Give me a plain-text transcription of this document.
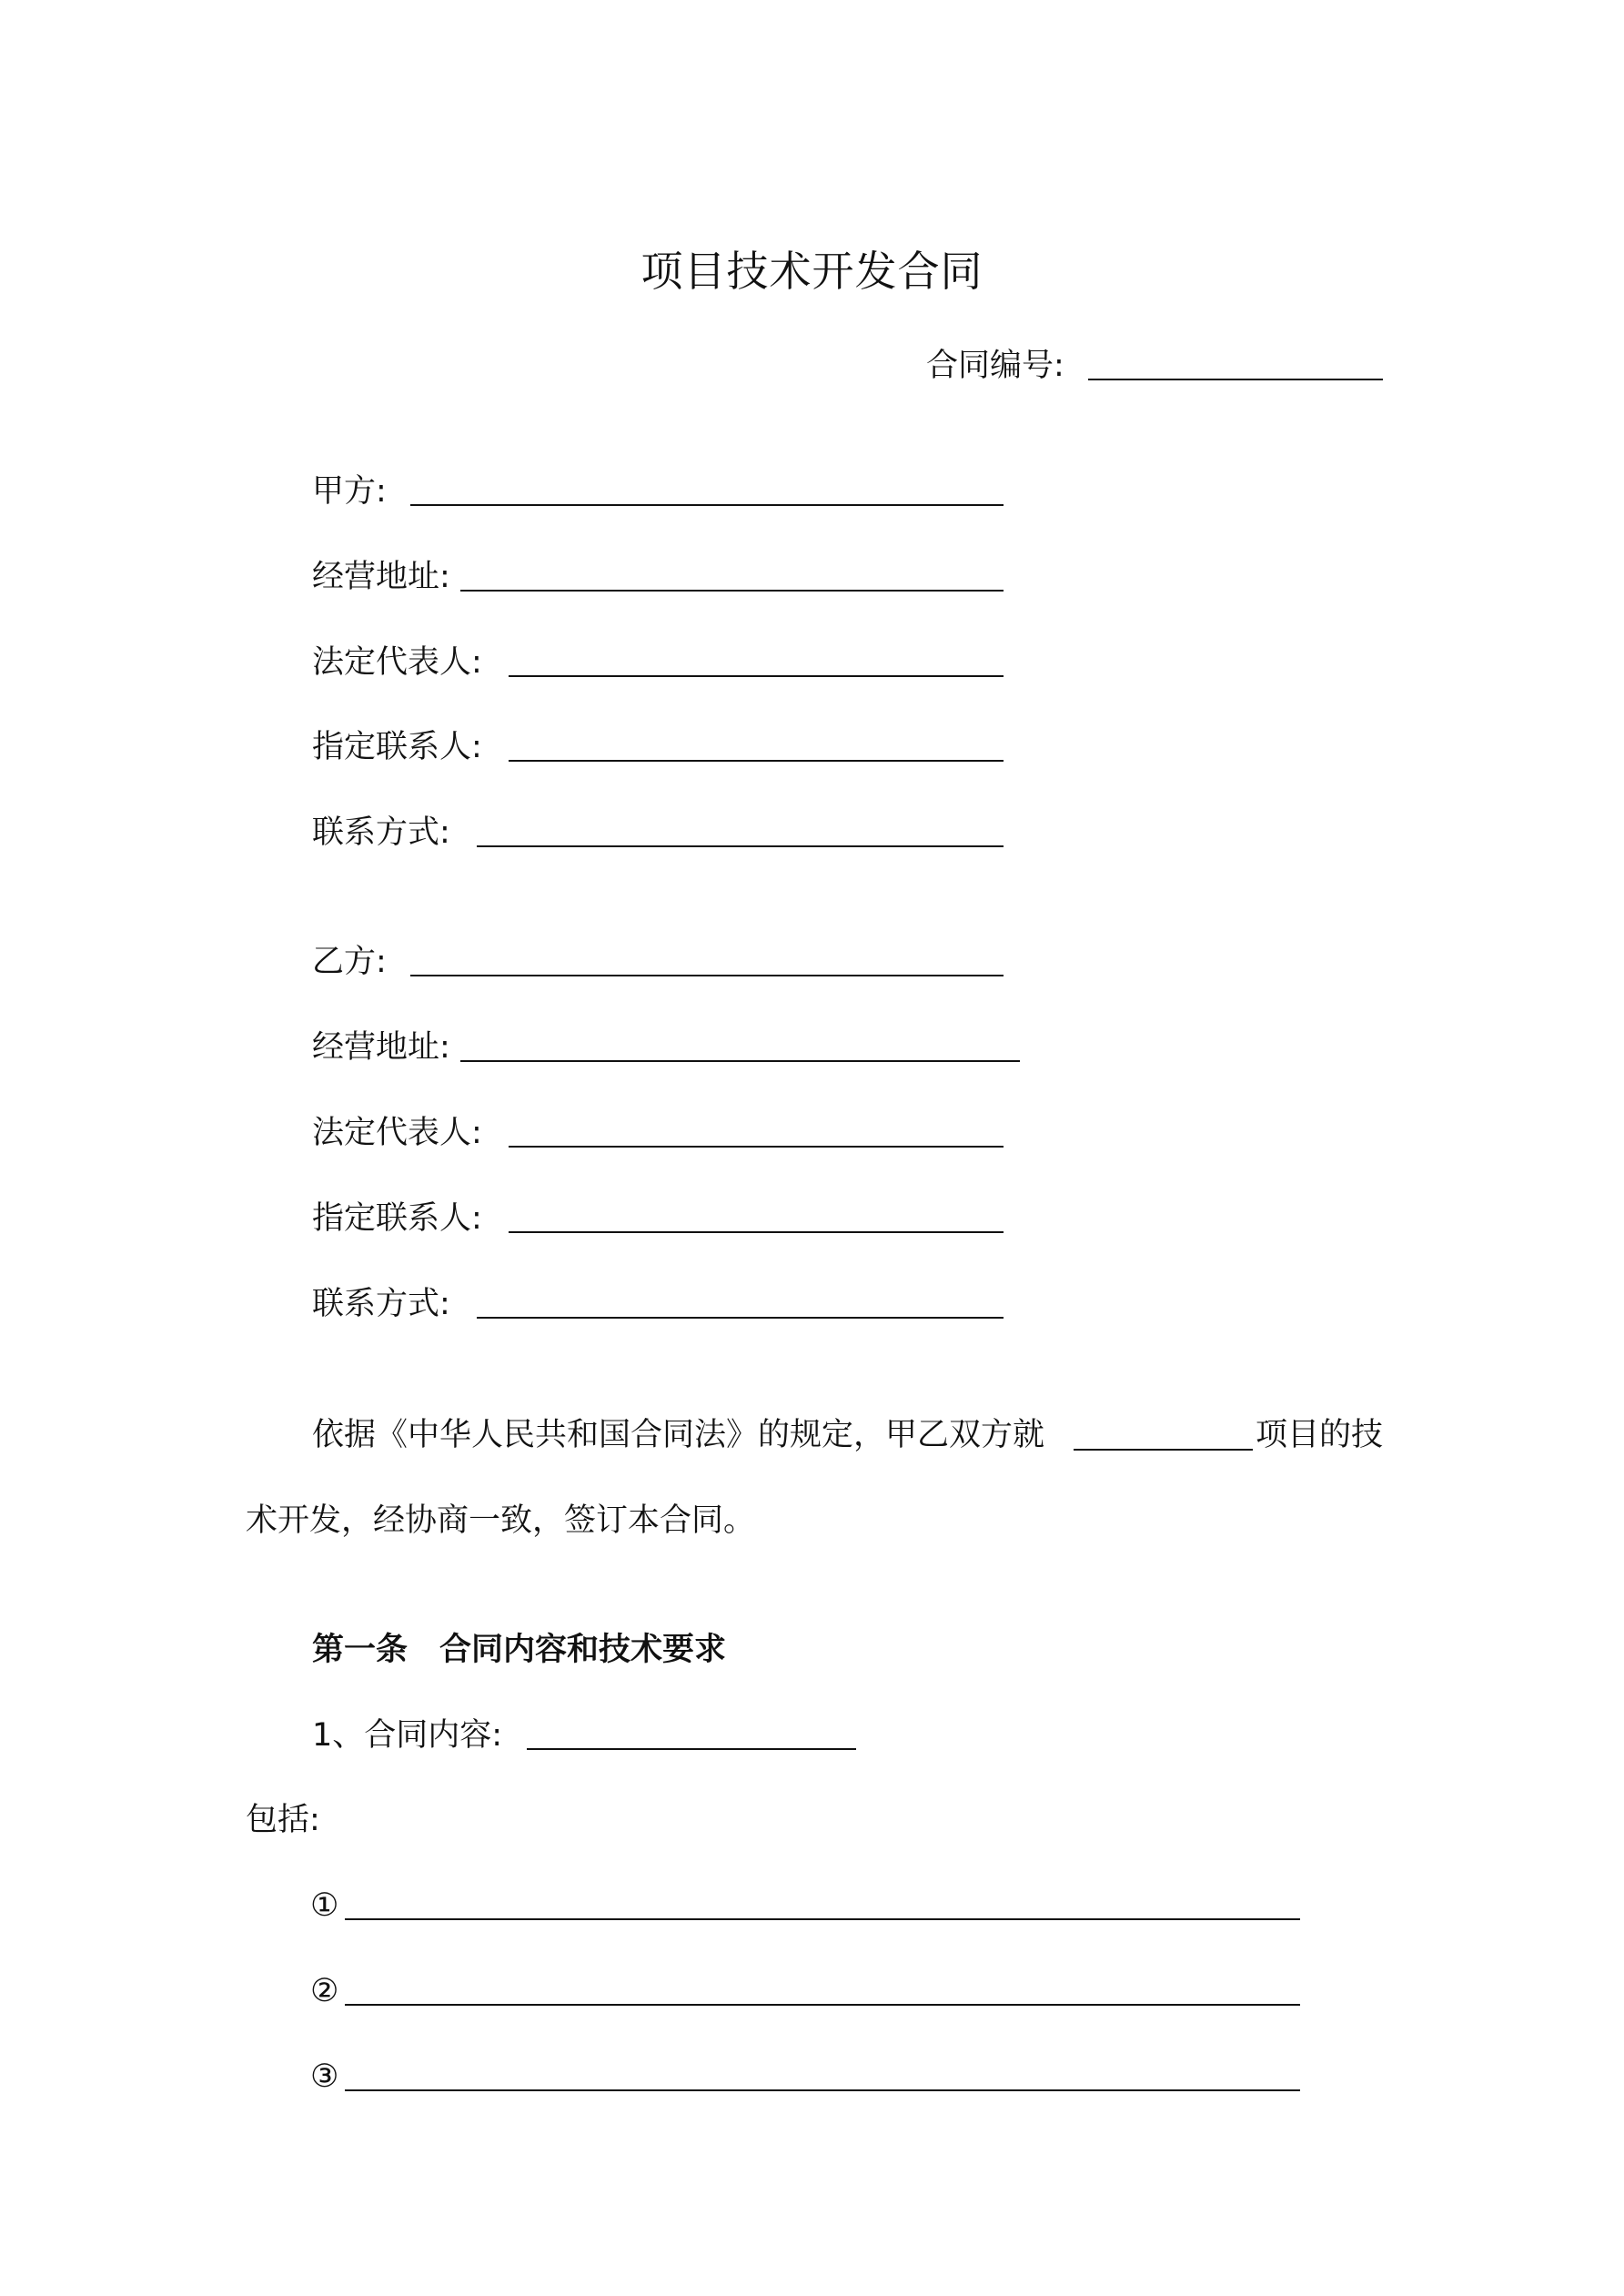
项目技术开发合同
合同编号:
甲方:
经营地址:
法定代表人:
指定联系人:
联系方式:
乙方:
经营地址:
法定代表人:
指定联系人:
联系方式:
依据《中华人民共和国合同法》的规定，甲乙双方就	项目的技
术开发，经协商一致，签订本合同。
第一条　合同内容和技术要求
1、合同内容:
包括:
①
②
③
